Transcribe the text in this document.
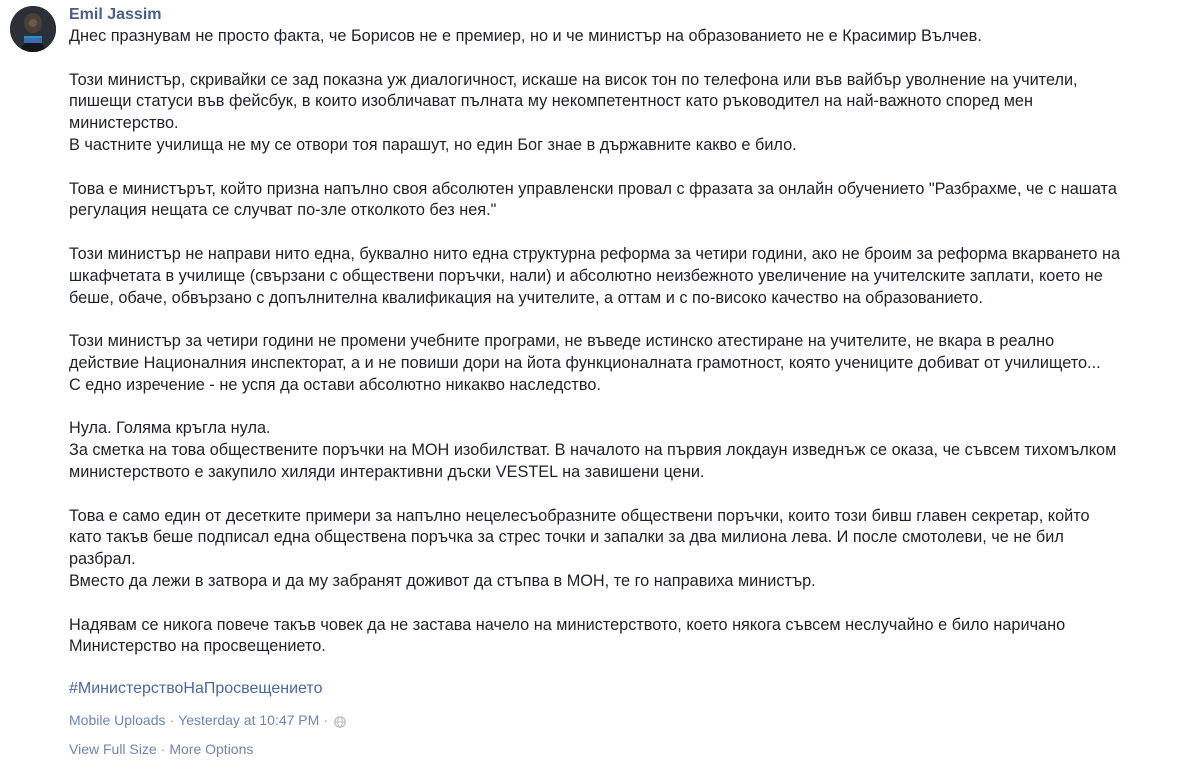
Emil Jassim
Днес празнувам не просто факта, че Борисов не е премиер, но и че министър на образованието не е Красимир Вълчев.
Този министър, скривайки се зад показна уж диалогичност, искаше на висок тон по телефона или във вайбър уволнение на учители,
пишещи статуси във фейсбук, в които изобличават пълната му некомпетентност като ръководител на най-важното според мен
министерство.
В частните училища не му се отвори тоя парашут, но един Бог знае в държавните какво е било.
Това е министърът, който призна напълно своя абсолютен управленски провал с фразата за онлайн обучението "Разбрахме, че с нашата
регулация нещата се случват по-зле отколкото без нея."
Този министър не направи нито една, буквално нито една структурна реформа за четири години, ако не броим за реформа вкарването на
шкафчетата в училище (свързани с обществени поръчки, нали) и абсолютно неизбежното увеличение на учителските заплати, което не
беше, обаче, обвързано с допълнителна квалификация на учителите, а оттам и с по-високо качество на образованието.
Този министър за четири години не промени учебните програми, не въведе истинско атестиране на учителите, не вкара в реално
действие Националния инспекторат, а и не повиши дори на йота функционалната грамотност, която учениците добиват от училището...
С едно изречение - не успя да остави абсолютно никакво наследство.
Нула. Голяма кръгла нула.
За сметка на това обществените поръчки на МОН изобилстват. В началото на първия локдаун изведнъж се оказа, че съвсем тихомълком
министерството е закупило хиляди интерактивни дъски VESTEL на завишени цени.
Това е само един от десетките примери за напълно нецелесъобразните обществени поръчки, които този бивш главен секретар, който
като такъв беше подписал една обществена поръчка за стрес точки и запалки за два милиона лева. И после смотолеви, че не бил
разбрал.
Вместо да лежи в затвора и да му забранят доживот да стъпва в МОН, те го направиха министър.
Надявам се никога повече такъв човек да не застава начело на министерството, което някога съвсем неслучайно е било наричано
Министерство на просвещението.
#МинистерствоНаПросвещението
Mobile Uploads · Yesterday at 10:47 PM ·
View Full Size · More Options
